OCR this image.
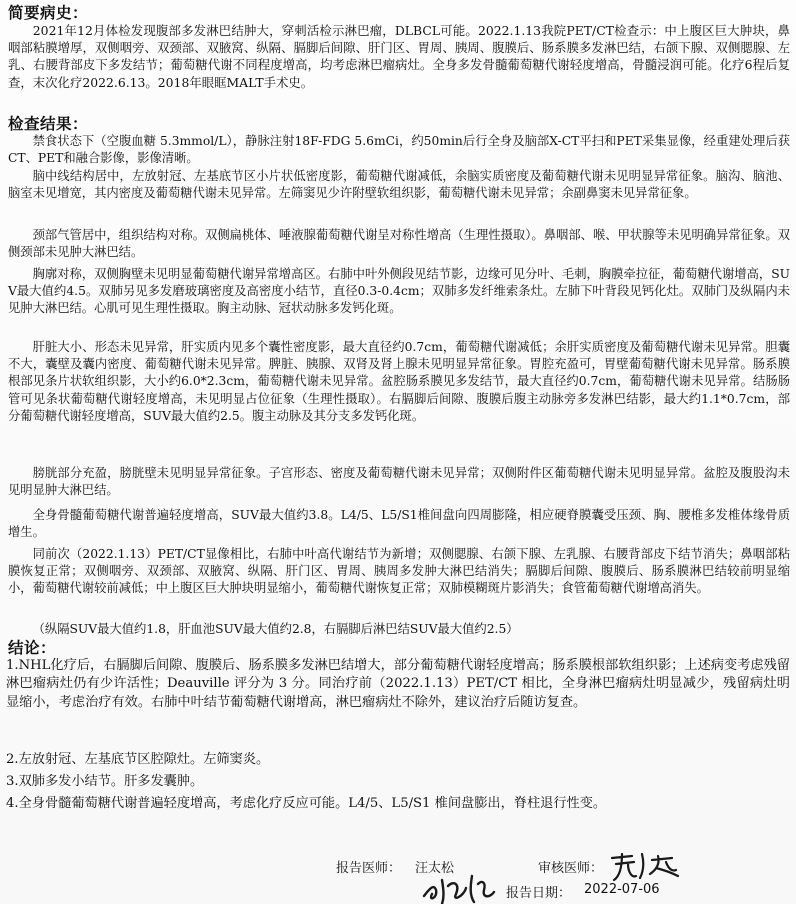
简要病史：
2021年12月体检发现腹部多发淋巴结肿大，穿刺活检示淋巴瘤，DLBCL可能。2022.1.13我院PET/CT检查示：中上腹区巨大肿块，鼻咽部粘膜增厚，双侧咽旁、双颈部、双腋窝、纵隔、膈脚后间隙、肝门区、胃周、胰周、腹膜后、肠系膜多发淋巴结，右颌下腺、双侧腮腺、左乳、右腰背部皮下多发结节；葡萄糖代谢不同程度增高，均考虑淋巴瘤病灶。全身多发骨髓葡萄糖代谢轻度增高，骨髓浸润可能。化疗6程后复查，末次化疗2022.6.13。2018年眼眶MALT手术史。
检查结果：
禁食状态下（空腹血糖 5.3mmol/L），静脉注射18F-FDG 5.6mCi，约50min后行全身及脑部X-CT平扫和PET采集显像，经重建处理后获CT、PET和融合影像，影像清晰。
脑中线结构居中，左放射冠、左基底节区小片状低密度影，葡萄糖代谢减低，余脑实质密度及葡萄糖代谢未见明显异常征象。脑沟、脑池、脑室未见增宽，其内密度及葡萄糖代谢未见异常。左筛窦见少许附壁软组织影，葡萄糖代谢未见异常；余副鼻窦未见异常征象。
颈部气管居中，组织结构对称。双侧扁桃体、唾液腺葡萄糖代谢呈对称性增高（生理性摄取）。鼻咽部、喉、甲状腺等未见明确异常征象。双侧颈部未见肿大淋巴结。
胸廓对称，双侧胸壁未见明显葡萄糖代谢异常增高区。右肺中叶外侧段见结节影，边缘可见分叶、毛刺，胸膜牵拉征，葡萄糖代谢增高，SUV最大值约4.5。双肺另见多发磨玻璃密度及高密度小结节，直径0.3-0.4cm；双肺多发纤维索条灶。左肺下叶背段见钙化灶。双肺门及纵隔内未见肿大淋巴结。心肌可见生理性摄取。胸主动脉、冠状动脉多发钙化斑。
肝脏大小、形态未见异常，肝实质内见多个囊性密度影，最大直径约0.7cm，葡萄糖代谢减低；余肝实质密度及葡萄糖代谢未见异常。胆囊不大，囊壁及囊内密度、葡萄糖代谢未见异常。脾脏、胰腺、双肾及肾上腺未见明显异常征象。胃腔充盈可，胃壁葡萄糖代谢未见异常。肠系膜根部见条片状软组织影，大小约6.0*2.3cm，葡萄糖代谢未见异常。盆腔肠系膜见多发结节，最大直径约0.7cm，葡萄糖代谢未见异常。结肠肠管可见条状葡萄糖代谢轻度增高，未见明显占位征象（生理性摄取）。右膈脚后间隙、腹膜后腹主动脉旁多发淋巴结影，最大约1.1*0.7cm，部分葡萄糖代谢轻度增高，SUV最大值约2.5。腹主动脉及其分支多发钙化斑。
膀胱部分充盈，膀胱壁未见明显异常征象。子宫形态、密度及葡萄糖代谢未见异常；双侧附件区葡萄糖代谢未见明显异常。盆腔及腹股沟未见明显肿大淋巴结。
全身骨髓葡萄糖代谢普遍轻度增高，SUV最大值约3.8。L4/5、L5/S1椎间盘向四周膨隆，相应硬脊膜囊受压颈、胸、腰椎多发椎体缘骨质增生。
同前次（2022.1.13）PET/CT显像相比，右肺中叶高代谢结节为新增；双侧腮腺、右颌下腺、左乳腺、右腰背部皮下结节消失；鼻咽部粘膜恢复正常；双侧咽旁、双颈部、双腋窝、纵隔、肝门区、胃周、胰周多发肿大淋巴结消失；膈脚后间隙、腹膜后、肠系膜淋巴结较前明显缩小，葡萄糖代谢较前减低；中上腹区巨大肿块明显缩小，葡萄糖代谢恢复正常；双肺模糊斑片影消失；食管葡萄糖代谢增高消失。
（纵隔SUV最大值约1.8，肝血池SUV最大值约2.8，右膈脚后淋巴结SUV最大值约2.5）
结论：
1.NHL化疗后，右膈脚后间隙、腹膜后、肠系膜多发淋巴结增大，部分葡萄糖代谢轻度增高；肠系膜根部软组织影；上述病变考虑残留淋巴瘤病灶仍有少许活性；Deauville 评分为 3 分。同治疗前（2022.1.13）PET/CT 相比，全身淋巴瘤病灶明显减少，残留病灶明显缩小，考虑治疗有效。右肺中叶结节葡萄糖代谢增高，淋巴瘤病灶不除外，建议治疗后随访复查。
2.左放射冠、左基底节区腔隙灶。左筛窦炎。
3.双肺多发小结节。肝多发囊肿。
4.全身骨髓葡萄糖代谢普遍轻度增高，考虑化疗反应可能。L4/5、L5/S1 椎间盘膨出，脊柱退行性变。
报告医师： 汪太松	审核医师：
报告日期： 2022-07-06
